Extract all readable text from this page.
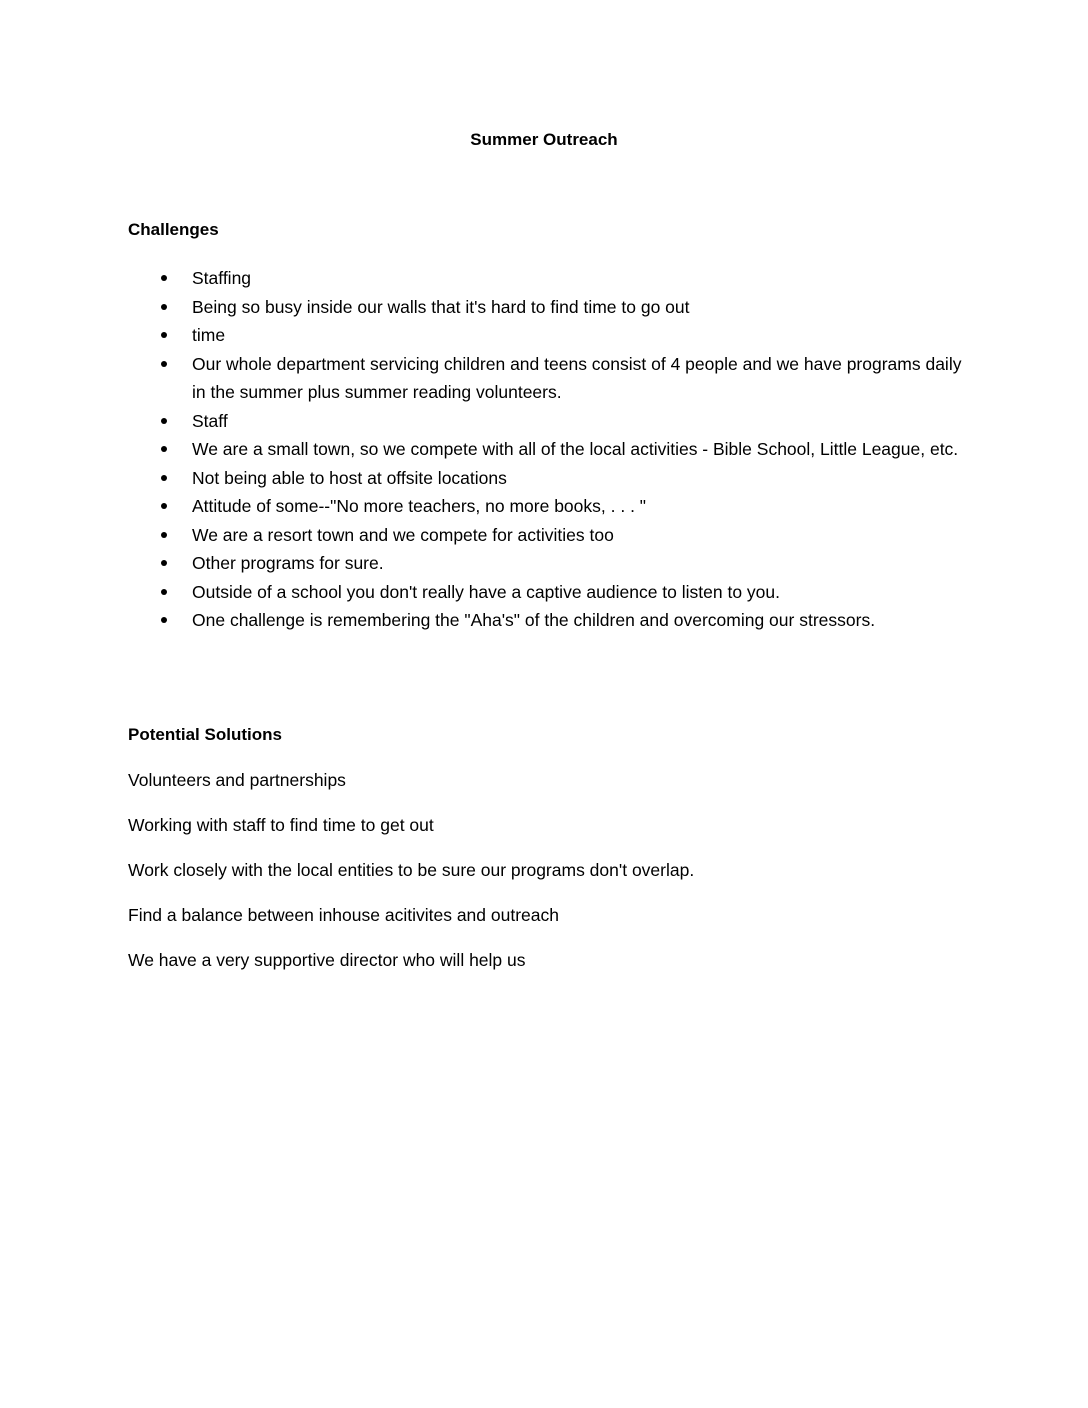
Summer Outreach
Challenges
Staffing
Being so busy inside our walls that it's hard to find time to go out
time
Our whole department servicing children and teens consist of 4 people and we have programs daily in the summer plus summer reading volunteers.
Staff
We are a small town, so we compete with all of the local activities - Bible School, Little League, etc.
Not being able to host at offsite locations
Attitude of some--"No more teachers, no more books, . . . "
We are a resort town and we compete for activities too
Other programs for sure.
Outside of a school you don't really have a captive audience to listen to you.
One challenge is remembering the "Aha's" of the children and overcoming our stressors.
Potential Solutions

Volunteers and partnerships

Working with staff to find time to get out

Work closely with the local entities to be sure our programs don't overlap.

Find a balance between inhouse acitivites and outreach

We have a very supportive director who will help us
